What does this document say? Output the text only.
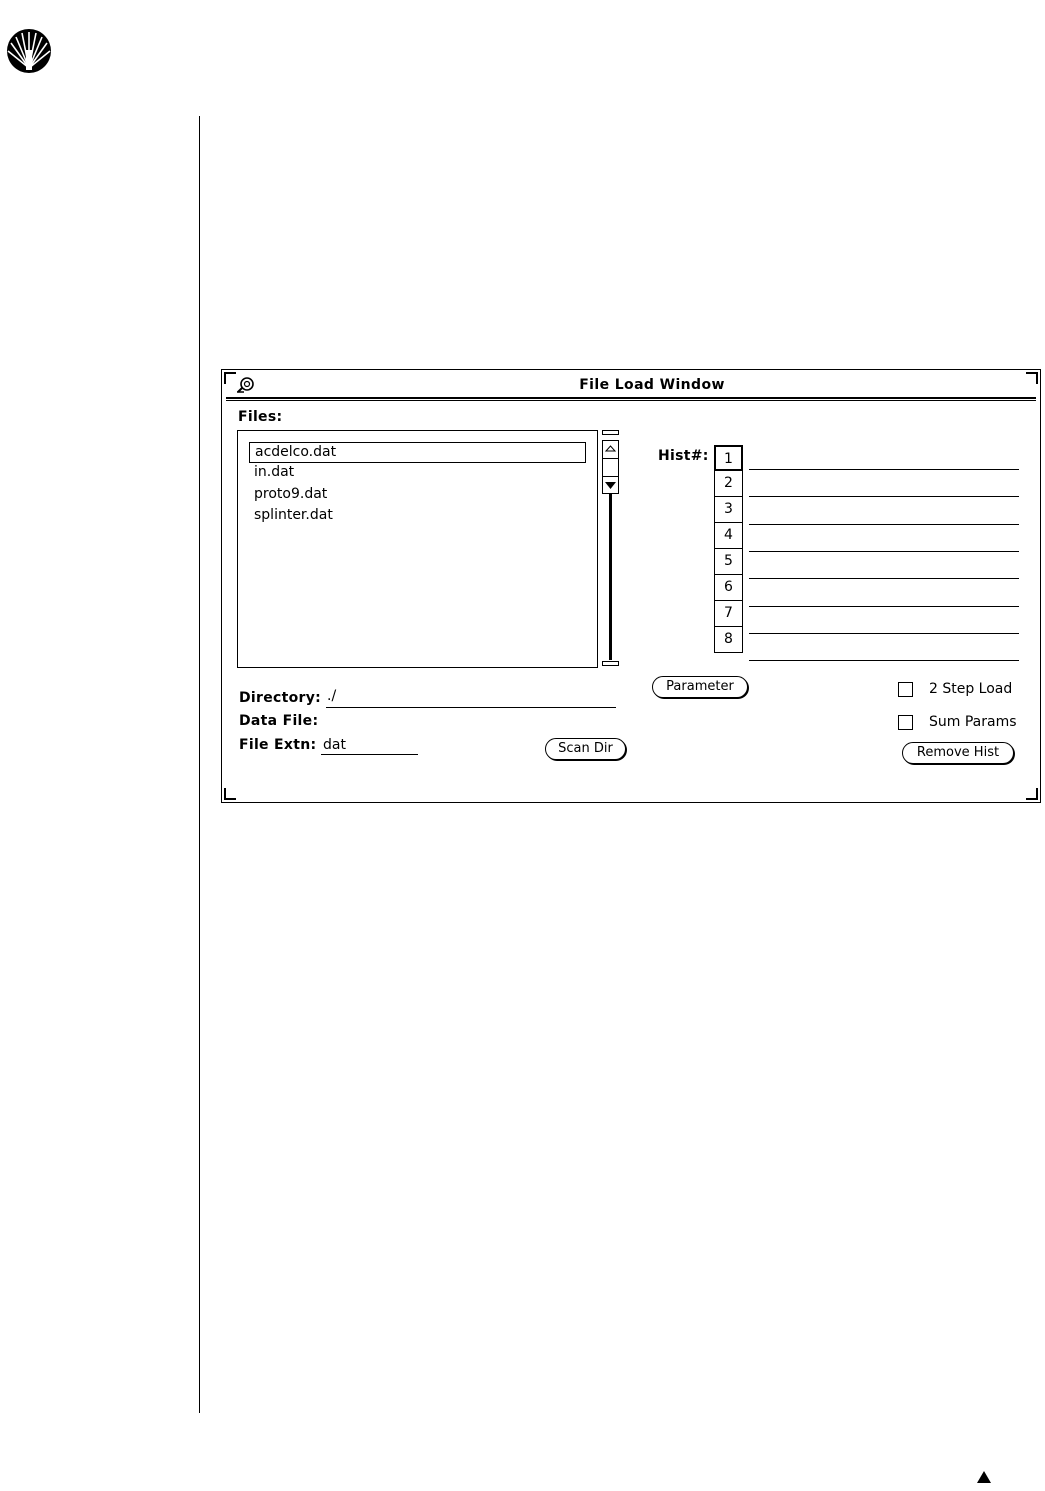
File Load Window
Files:
acdelco.dat
in.dat
proto9.dat
splinter.dat
Hist#:	1
2
3
4
5
6
7
8
Parameter	2 Step Load
Sum Params
Remove Hist
Directory: ./
Data File:
File Extn: dat	Scan Dir
